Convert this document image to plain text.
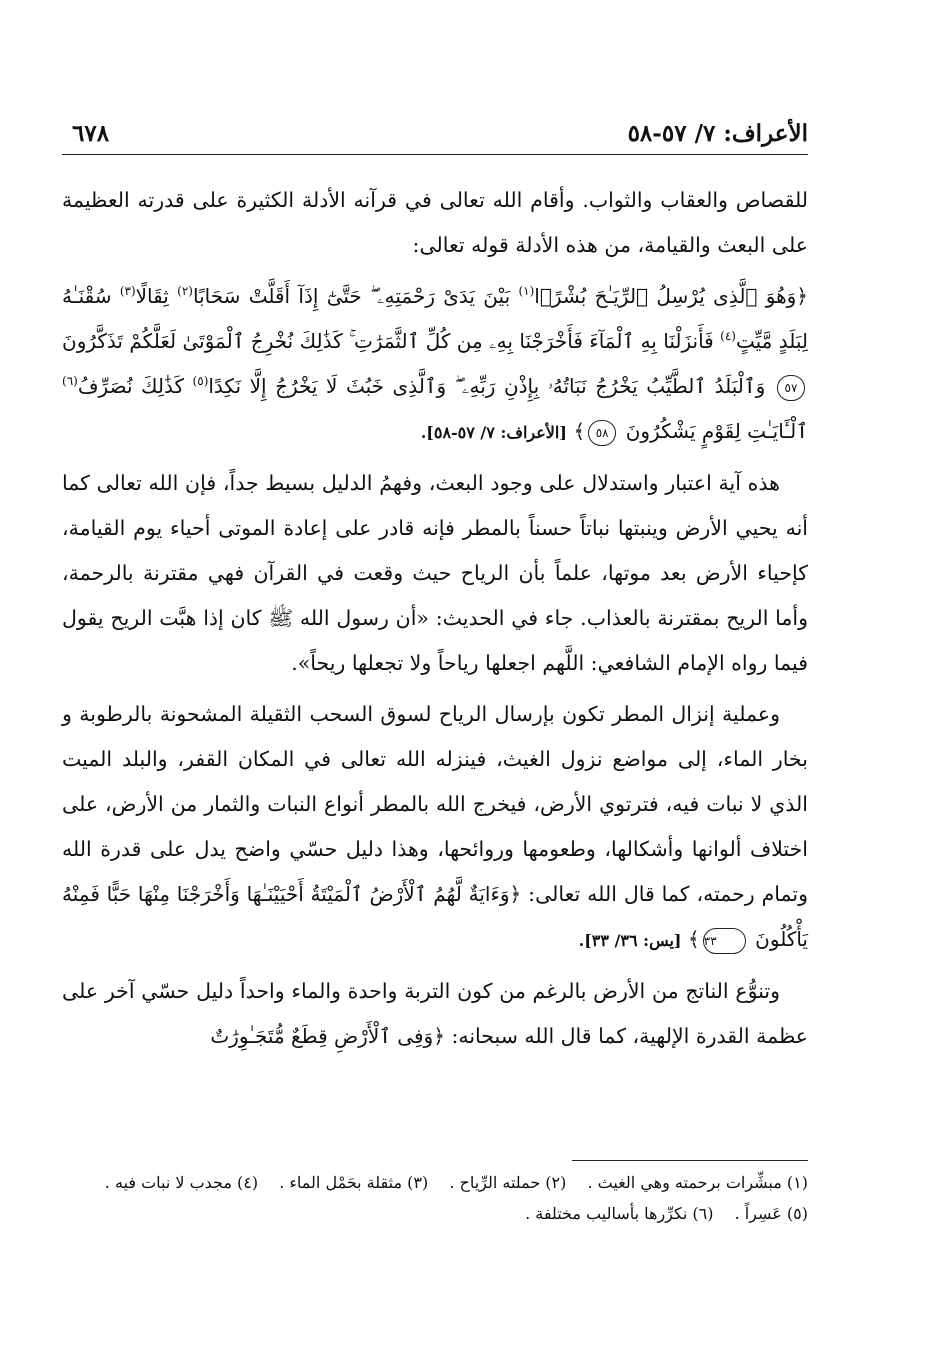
الأعراف: ٧/ ٥٧-٥٨
٦٧٨

للقصاص والعقاب والثواب. وأقام الله تعالى في قرآنه الأدلة الكثيرة على قدرته العظيمة على البعث والقيامة، من هذه الأدلة قوله تعالى:

﴿وَهُوَ ٱلَّذِى يُرْسِلُ ٱلرِّيَـٰحَ بُشْرًۢا$^{(١)}$ بَيْنَ يَدَىْ رَحْمَتِهِۦ ۖ حَتَّىٰٓ إِذَآ أَقَلَّتْ سَحَابًا$^{(٢)}$ ثِقَالًا$^{(٣)}$ سُقْنَـٰهُ لِبَلَدٍ مَّيِّتٍ$^{(٤)}$ فَأَنزَلْنَا بِهِ ٱلْمَآءَ فَأَخْرَجْنَا بِهِۦ مِن كُلِّ ٱلثَّمَرَٰتِ ۚ كَذَٰلِكَ نُخْرِجُ ٱلْمَوْتَىٰ لَعَلَّكُمْ تَذَكَّرُونَ ٥٧ وَٱلْبَلَدُ ٱلطَّيِّبُ يَخْرُجُ نَبَاتُهُۥ بِإِذْنِ رَبِّهِۦ ۖ وَٱلَّذِى خَبُثَ لَا يَخْرُجُ إِلَّا نَكِدًا$^{(٥)}$ كَذَٰلِكَ نُصَرِّفُ$^{(٦)}$ ٱلْـَٔايَـٰتِ لِقَوْمٍ يَشْكُرُونَ ٥٨﴾ [الأعراف: ٧/ ٥٧-٥٨].

هذه آية اعتبار واستدلال على وجود البعث، وفهمُ الدليل بسيط جداً، فإن الله تعالى كما أنه يحيي الأرض وينبتها نباتاً حسناً بالمطر فإنه قادر على إعادة الموتى أحياء يوم القيامة، كإحياء الأرض بعد موتها، علماً بأن الرياح حيث وقعت في القرآن فهي مقترنة بالرحمة، وأما الريح بمقترنة بالعذاب. جاء في الحديث: «أن رسول الله ﷺ كان إذا هبَّت الريح يقول فيما رواه الإمام الشافعي: اللَّهم اجعلها رياحاً ولا تجعلها ريحاً».

وعملية إنزال المطر تكون بإرسال الرياح لسوق السحب الثقيلة المشحونة بالرطوبة و بخار الماء، إلى مواضع نزول الغيث، فينزله الله تعالى في المكان القفر، والبلد الميت الذي لا نبات فيه، فترتوي الأرض، فيخرج الله بالمطر أنواع النبات والثمار من الأرض، على اختلاف ألوانها وأشكالها، وطعومها وروائحها، وهذا دليل حسّي واضح يدل على قدرة الله وتمام رحمته، كما قال الله تعالى: ﴿وَءَايَةٌ لَّهُمُ ٱلْأَرْضُ ٱلْمَيْتَةُ أَحْيَيْنَـٰهَا وَأَخْرَجْنَا مِنْهَا حَبًّا فَمِنْهُ يَأْكُلُونَ ٣٣﴾ [يس: ٣٦/ ٣٣].

وتنوُّع الناتج من الأرض بالرغم من كون التربة واحدة والماء واحداً دليل حسّي آخر على عظمة القدرة الإلهية، كما قال الله سبحانه: ﴿وَفِى ٱلْأَرْضِ قِطَعٌ مُّتَجَـٰوِرَٰتٌ

(١) مبشِّرات برحمته وهي الغيث . (٢) حملته الرِّياح . (٣) مثقلة بحَمْل الماء . (٤) مجدب لا نبات فيه .
(٥) عَسِراً . (٦) نكرِّرها بأساليب مختلفة .
